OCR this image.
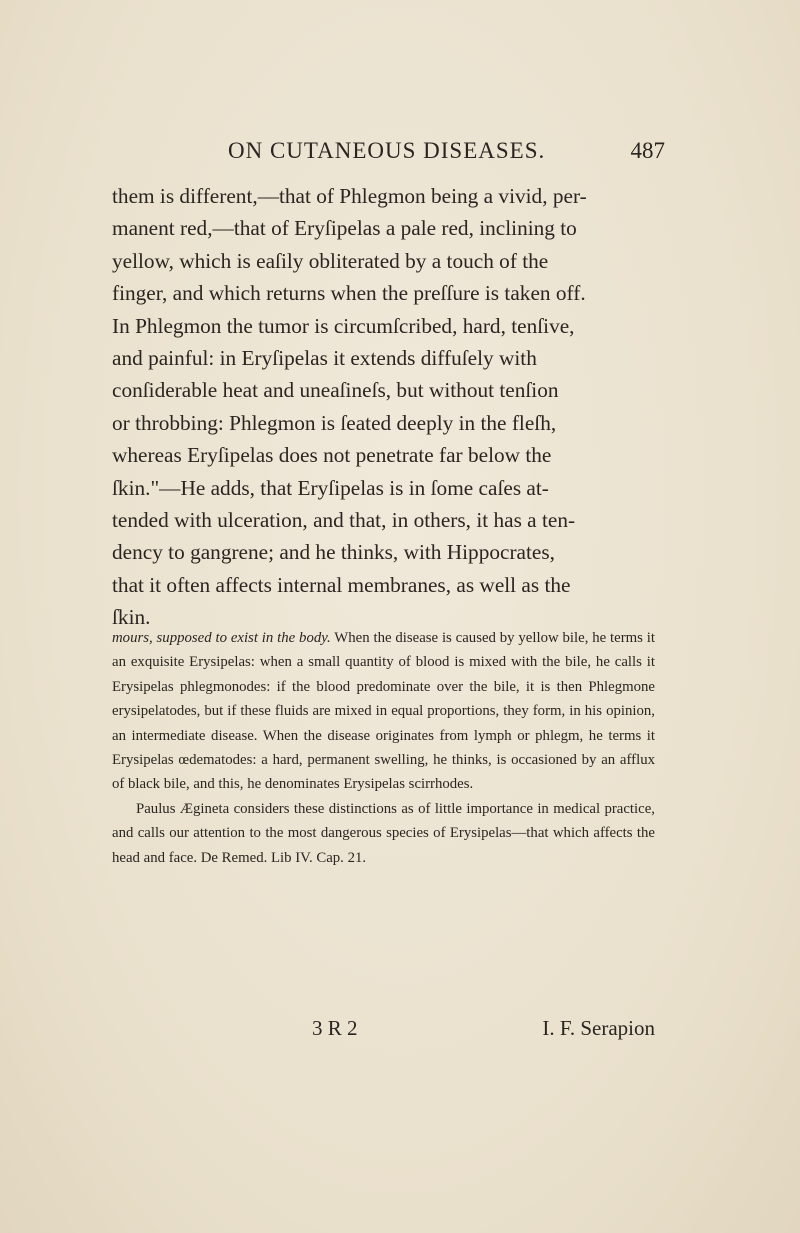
ON CUTANEOUS DISEASES.	487
them is different,—that of Phlegmon being a vivid, per-
manent red,—that of Eryſipelas a pale red, inclining to
yellow, which is eaſily obliterated by a touch of the
finger, and which returns when the preſſure is taken off.
In Phlegmon the tumor is circumſcribed, hard, tenſive,
and painful: in Eryſipelas it extends diffuſely with
conſiderable heat and uneaſineſs, but without tenſion
or throbbing: Phlegmon is ſeated deeply in the fleſh,
whereas Eryſipelas does not penetrate far below the
ſkin."—He adds, that Eryſipelas is in ſome caſes at-
tended with ulceration, and that, in others, it has a ten-
dency to gangrene; and he thinks, with Hippocrates,
that it often affects internal membranes, as well as the
ſkin.

mours, supposed to exist in the body. When the disease is caused by yellow bile, he terms it an exquisite Erysipelas: when a small quantity of blood is mixed with the bile, he calls it Erysipelas phlegmonodes: if the blood predominate over the bile, it is then Phlegmone erysipelatodes, but if these fluids are mixed in equal proportions, they form, in his opinion, an intermediate disease. When the disease originates from lymph or phlegm, he terms it Erysipelas œdematodes: a hard, permanent swelling, he thinks, is occasioned by an afflux of black bile, and this, he denominates Erysipelas scirrhodes.

Paulus Ægineta considers these distinctions as of little importance in medical practice, and calls our attention to the most dangerous species of Erysipelas—that which affects the head and face. De Remed. Lib IV. Cap. 21.

3 R 2	I. F. Serapion
